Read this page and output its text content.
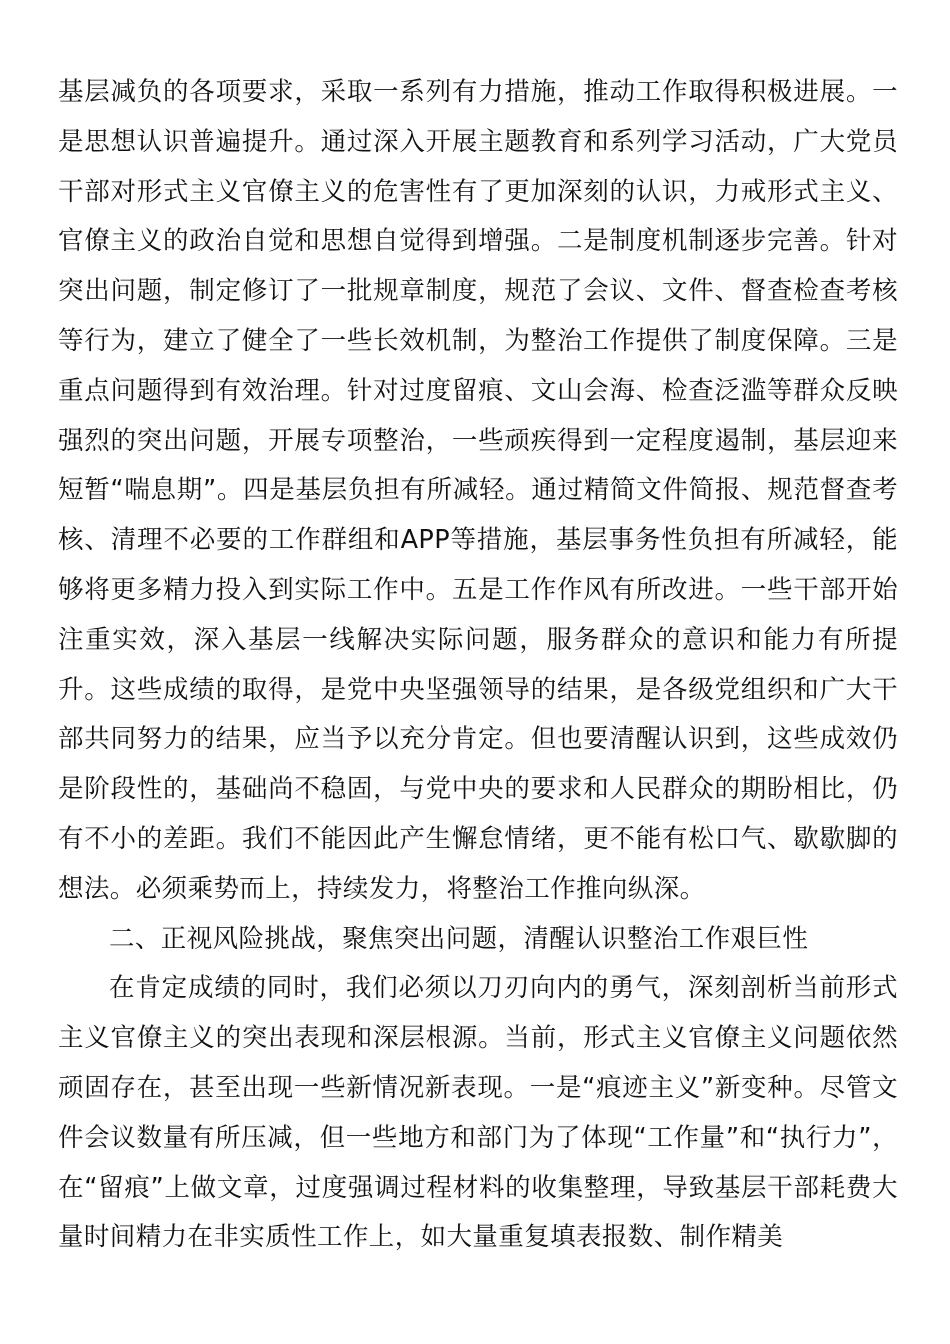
基层减负的各项要求，采取一系列有力措施，推动工作取得积极进展。一是思想认识普遍提升。通过深入开展主题教育和系列学习活动，广大党员干部对形式主义官僚主义的危害性有了更加深刻的认识，力戒形式主义、官僚主义的政治自觉和思想自觉得到增强。二是制度机制逐步完善。针对突出问题，制定修订了一批规章制度，规范了会议、文件、督查检查考核等行为，建立了健全了一些长效机制，为整治工作提供了制度保障。三是重点问题得到有效治理。针对过度留痕、文山会海、检查泛滥等群众反映强烈的突出问题，开展专项整治，一些顽疾得到一定程度遏制，基层迎来短暂“喘息期”。四是基层负担有所减轻。通过精简文件简报、规范督查考核、清理不必要的工作群组和APP等措施，基层事务性负担有所减轻，能够将更多精力投入到实际工作中。五是工作作风有所改进。一些干部开始注重实效，深入基层一线解决实际问题，服务群众的意识和能力有所提升。这些成绩的取得，是党中央坚强领导的结果，是各级党组织和广大干部共同努力的结果，应当予以充分肯定。但也要清醒认识到，这些成效仍是阶段性的，基础尚不稳固，与党中央的要求和人民群众的期盼相比，仍有不小的差距。我们不能因此产生懈怠情绪，更不能有松口气、歇歇脚的想法。必须乘势而上，持续发力，将整治工作推向纵深。

二、正视风险挑战，聚焦突出问题，清醒认识整治工作艰巨性

在肯定成绩的同时，我们必须以刀刃向内的勇气，深刻剖析当前形式主义官僚主义的突出表现和深层根源。当前，形式主义官僚主义问题依然顽固存在，甚至出现一些新情况新表现。一是“痕迹主义”新变种。尽管文件会议数量有所压减，但一些地方和部门为了体现“工作量”和“执行力”，在“留痕”上做文章，过度强调过程材料的收集整理，导致基层干部耗费大量时间精力在非实质性工作上，如大量重复填表报数、制作精美
